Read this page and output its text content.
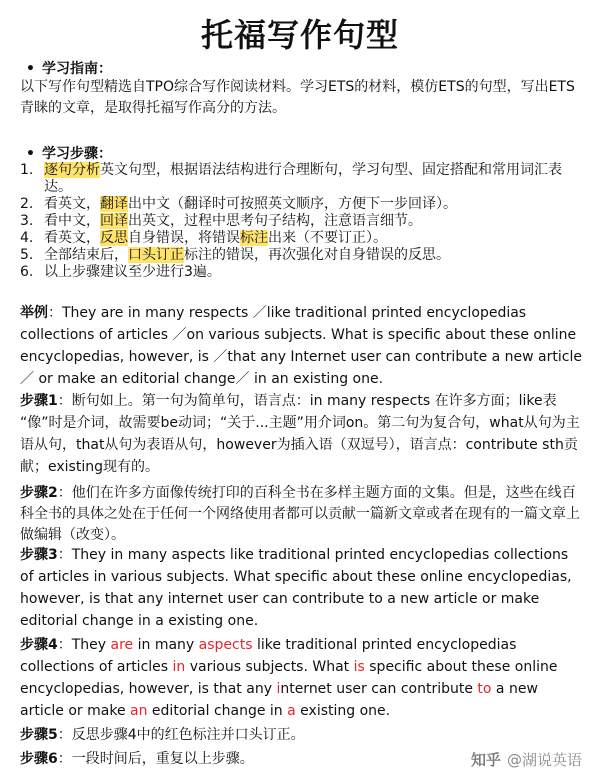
托福写作句型
• 学习指南：
以下写作句型精选自TPO综合写作阅读材料。学习ETS的材料，模仿ETS的句型，写出ETS青睐的文章，是取得托福写作高分的方法。
• 学习步骤：
1. 逐句分析英文句型，根据语法结构进行合理断句，学习句型、固定搭配和常用词汇表达。
2. 看英文，翻译出中文（翻译时可按照英文顺序，方便下一步回译）。
3. 看中文，回译出英文，过程中思考句子结构，注意语言细节。
4. 看英文，反思自身错误，将错误标注出来（不要订正）。
5. 全部结束后，口头订正标注的错误，再次强化对自身错误的反思。
6. 以上步骤建议至少进行3遍。

举例：They are in many respects ／like traditional printed encyclopedias collections of articles ／on various subjects. What is specific about these online encyclopedias, however, is ／that any Internet user can contribute a new article ／ or make an editorial change／ in an existing one.

步骤1：断句如上。第一句为简单句，语言点：in many respects 在许多方面；like表 “像”时是介词，故需要be动词；“关于...主题”用介词on。第二句为复合句，what从句为主语从句，that从句为表语从句，however为插入语（双逗号），语言点：contribute sth贡献；existing现有的。

步骤2：他们在许多方面像传统打印的百科全书在多样主题方面的文集。但是，这些在线百科全书的具体之处在于任何一个网络使用者都可以贡献一篇新文章或者在现有的一篇文章上做编辑（改变）。

步骤3：They in many aspects like traditional printed encyclopedias collections of articles in various subjects. What specific about these online encyclopedias, however, is that any internet user can contribute to a new article or make editorial change in a existing one.

步骤4：They are in many aspects like traditional printed encyclopedias collections of articles in various subjects. What is specific about these online encyclopedias, however, is that any internet user can contribute to a new article or make an editorial change in a existing one.

步骤5：反思步骤4中的红色标注并口头订正。

步骤6：一段时间后，重复以上步骤。	知乎 @湖说英语
